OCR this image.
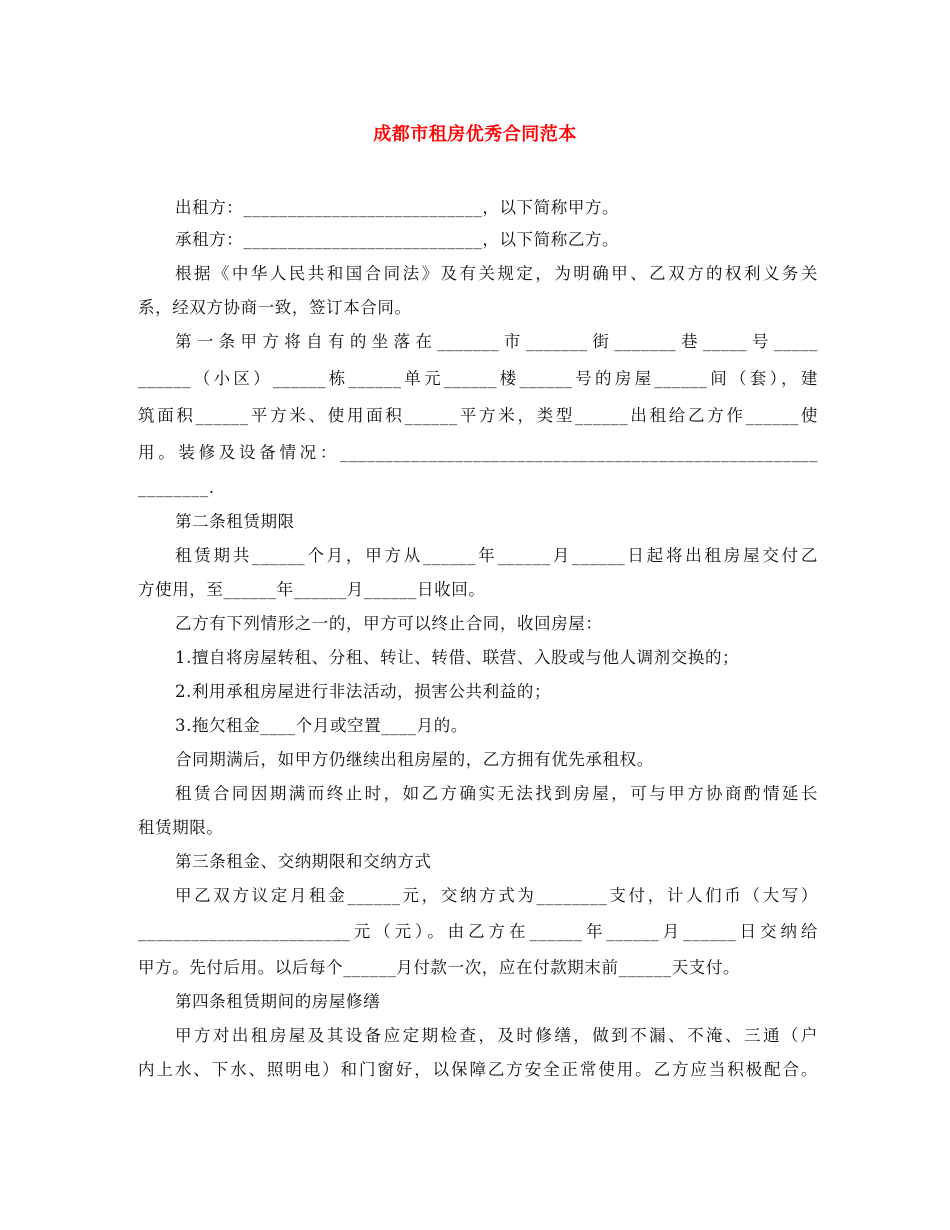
成都市租房优秀合同范本
出租方：___________________________，以下简称甲方。
承租方：___________________________，以下简称乙方。
根据《中华人民共和国合同法》及有关规定，为明确甲、乙双方的权利义务关
系，经双方协商一致，签订本合同。
第一条甲方将自有的坐落在_______市_______街_______巷_____号_____
______（小区）______栋______单元______楼______号的房屋______间（套），建
筑面积______平方米、使用面积______平方米，类型______出租给乙方作______使
用。装修及设备情况：______________________________________________________
________.
第二条租赁期限
租赁期共______个月，甲方从______年______月______日起将出租房屋交付乙
方使用，至______年______月______日收回。
乙方有下列情形之一的，甲方可以终止合同，收回房屋：
1.擅自将房屋转租、分租、转让、转借、联营、入股或与他人调剂交换的；
2.利用承租房屋进行非法活动，损害公共利益的；
3.拖欠租金____个月或空置____月的。
合同期满后，如甲方仍继续出租房屋的，乙方拥有优先承租权。
租赁合同因期满而终止时，如乙方确实无法找到房屋，可与甲方协商酌情延长
租赁期限。
第三条租金、交纳期限和交纳方式
甲乙双方议定月租金______元，交纳方式为________支付，计人们币（大写）
________________________元（元）。由乙方在______年______月______日交纳给
甲方。先付后用。以后每个______月付款一次，应在付款期末前______天支付。
第四条租赁期间的房屋修缮
甲方对出租房屋及其设备应定期检查，及时修缮，做到不漏、不淹、三通（户
内上水、下水、照明电）和门窗好，以保障乙方安全正常使用。乙方应当积极配合。
